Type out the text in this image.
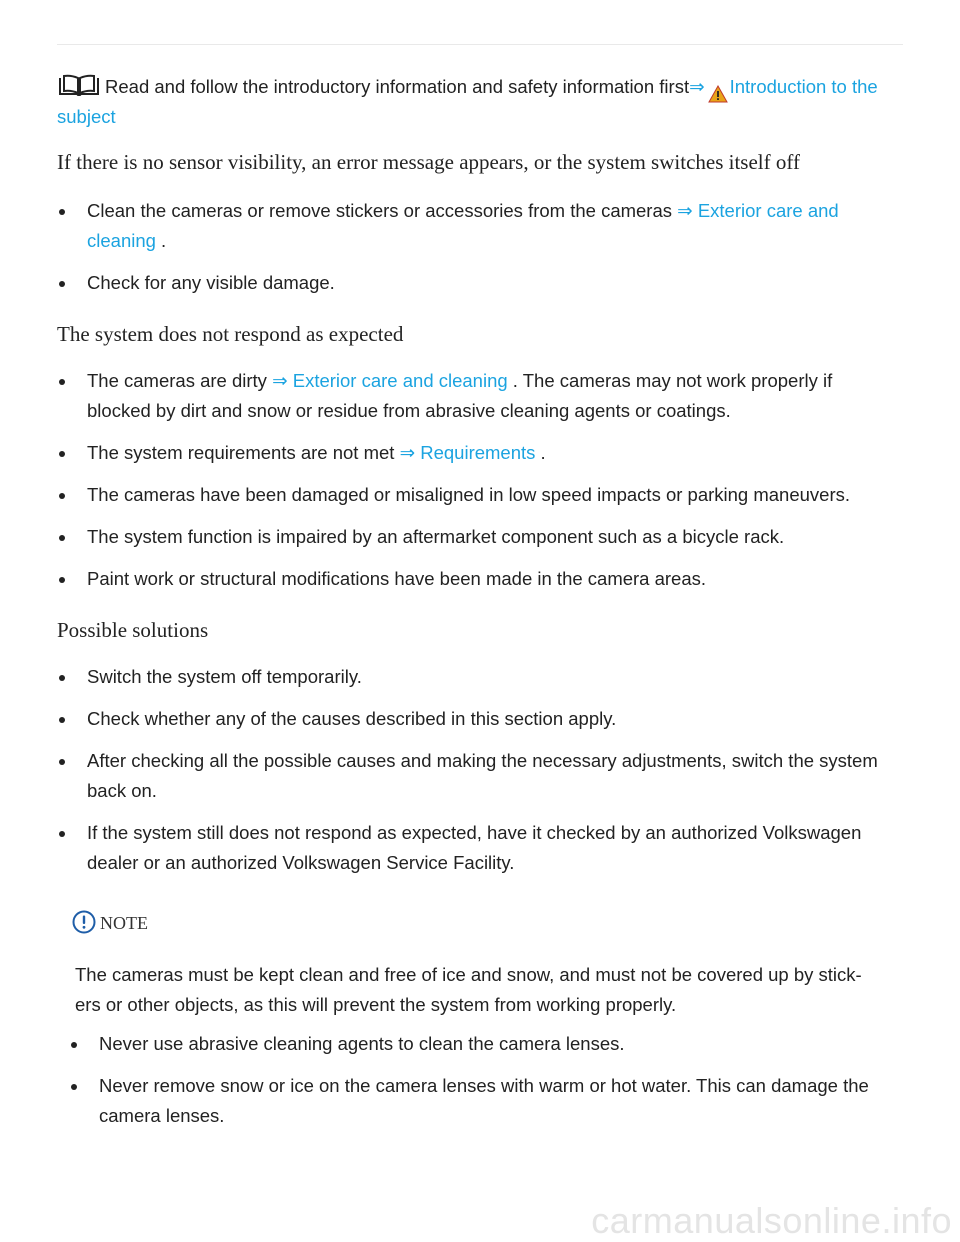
Read and follow the introductory information and safety information first⇒ Introduction to the
subject
If there is no sensor visibility, an error message appears, or the system switches itself off
Clean the cameras or remove stickers or accessories from the cameras ⇒ Exterior care and
cleaning .
Check for any visible damage.
The system does not respond as expected
The cameras are dirty ⇒ Exterior care and cleaning . The cameras may not work properly if
blocked by dirt and snow or residue from abrasive cleaning agents or coatings.
The system requirements are not met ⇒ Requirements .
The cameras have been damaged or misaligned in low speed impacts or parking maneuvers.
The system function is impaired by an aftermarket component such as a bicycle rack.
Paint work or structural modifications have been made in the camera areas.
Possible solutions
Switch the system off temporarily.
Check whether any of the causes described in this section apply.
After checking all the possible causes and making the necessary adjustments, switch the system
back on.
If the system still does not respond as expected, have it checked by an authorized Volkswagen
dealer or an authorized Volkswagen Service Facility.
NOTE
The cameras must be kept clean and free of ice and snow, and must not be covered up by stick-
ers or other objects, as this will prevent the system from working properly.
Never use abrasive cleaning agents to clean the camera lenses.
Never remove snow or ice on the camera lenses with warm or hot water. This can damage the
camera lenses.
carmanualsonline.info
